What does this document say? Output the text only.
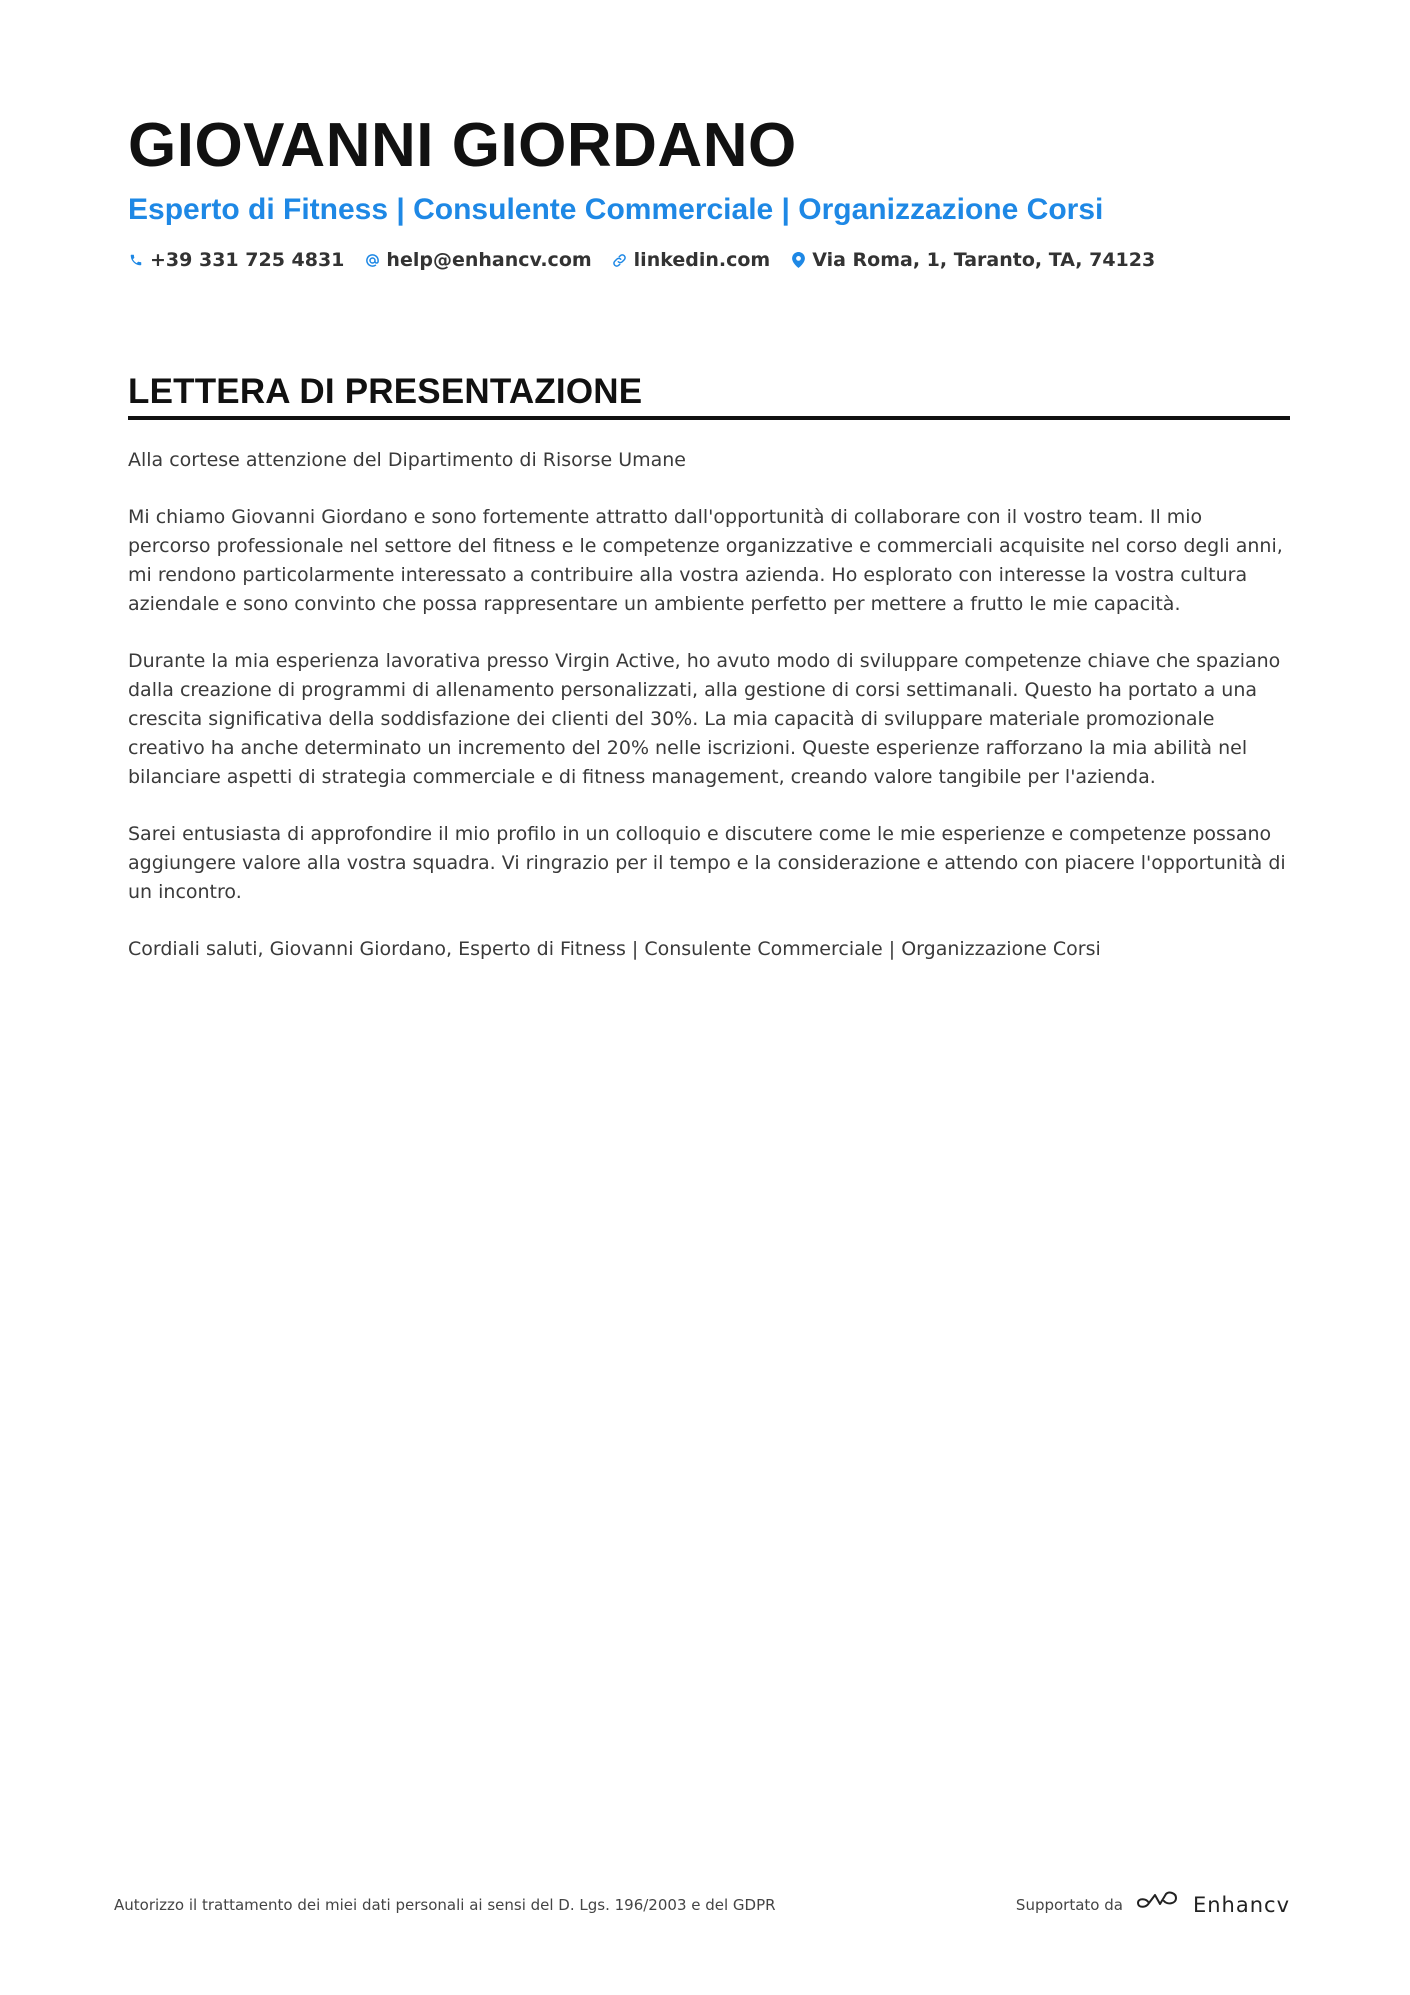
GIOVANNI GIORDANO
Esperto di Fitness | Consulente Commerciale | Organizzazione Corsi
+39 331 725 4831 help@enhancv.com linkedin.com Via Roma, 1, Taranto, TA, 74123
LETTERA DI PRESENTAZIONE

Alla cortese attenzione del Dipartimento di Risorse Umane

Mi chiamo Giovanni Giordano e sono fortemente attratto dall'opportunità di collaborare con il vostro team. Il mio percorso professionale nel settore del fitness e le competenze organizzative e commerciali acquisite nel corso degli anni, mi rendono particolarmente interessato a contribuire alla vostra azienda. Ho esplorato con interesse la vostra cultura aziendale e sono convinto che possa rappresentare un ambiente perfetto per mettere a frutto le mie capacità.

Durante la mia esperienza lavorativa presso Virgin Active, ho avuto modo di sviluppare competenze chiave che spaziano dalla creazione di programmi di allenamento personalizzati, alla gestione di corsi settimanali. Questo ha portato a una crescita significativa della soddisfazione dei clienti del 30%. La mia capacità di sviluppare materiale promozionale creativo ha anche determinato un incremento del 20% nelle iscrizioni. Queste esperienze rafforzano la mia abilità nel bilanciare aspetti di strategia commerciale e di fitness management, creando valore tangibile per l'azienda.

Sarei entusiasta di approfondire il mio profilo in un colloquio e discutere come le mie esperienze e competenze possano aggiungere valore alla vostra squadra. Vi ringrazio per il tempo e la considerazione e attendo con piacere l'opportunità di un incontro.

Cordiali saluti, Giovanni Giordano, Esperto di Fitness | Consulente Commerciale | Organizzazione Corsi

Autorizzo il trattamento dei miei dati personali ai sensi del D. Lgs. 196/2003 e del GDPR	Supportato da	Enhancv
